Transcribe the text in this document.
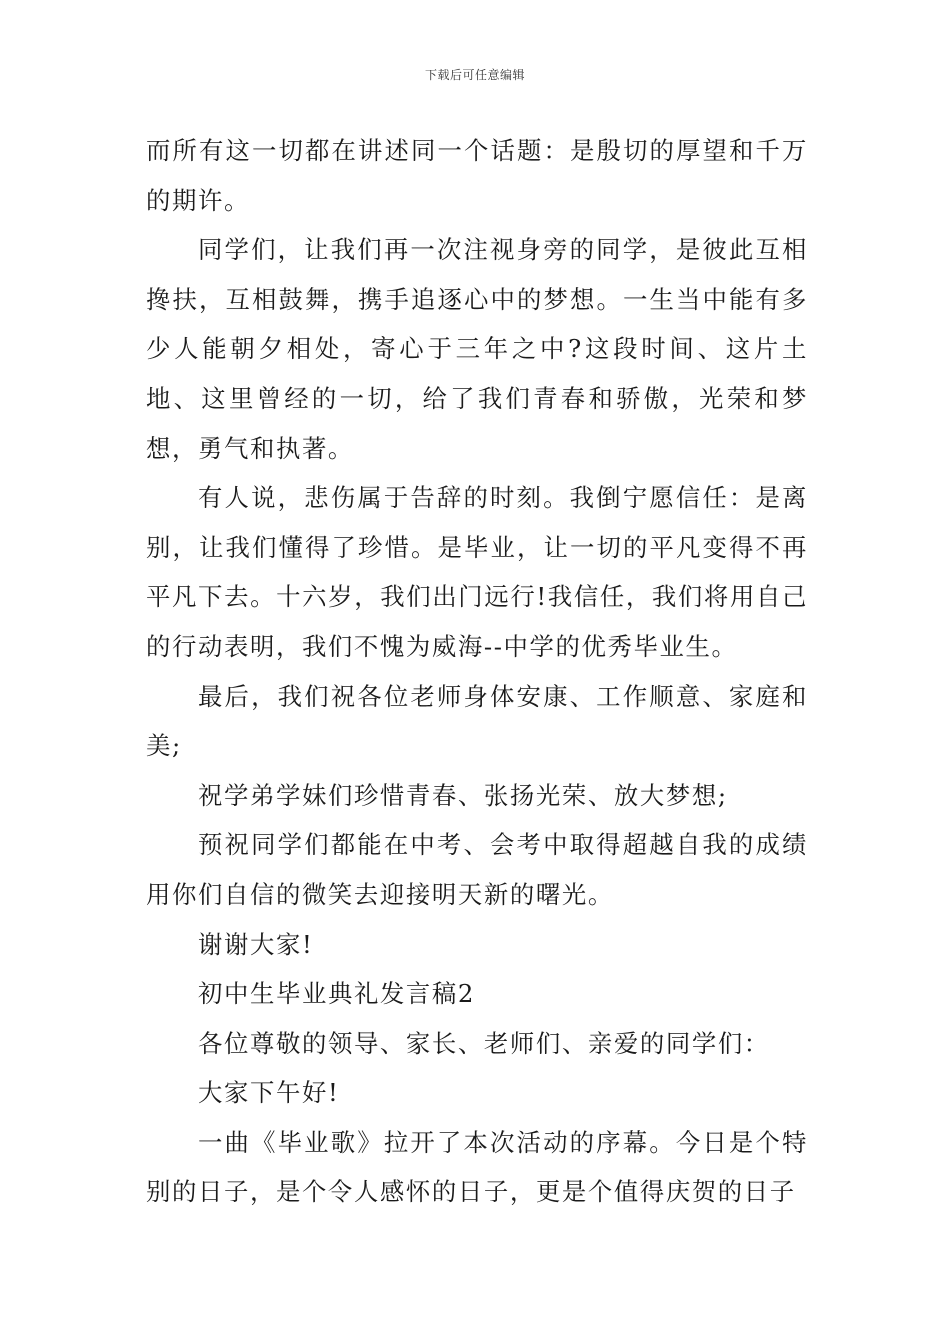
下载后可任意编辑

而所有这一切都在讲述同一个话题：是殷切的厚望和千万的期许。

同学们，让我们再一次注视身旁的同学，是彼此互相搀扶，互相鼓舞，携手追逐心中的梦想。一生当中能有多少人能朝夕相处，寄心于三年之中?这段时间、这片土地、这里曾经的一切，给了我们青春和骄傲，光荣和梦想，勇气和执著。

有人说，悲伤属于告辞的时刻。我倒宁愿信任：是离别，让我们懂得了珍惜。是毕业，让一切的平凡变得不再平凡下去。十六岁，我们出门远行!我信任，我们将用自己的行动表明，我们不愧为威海--中学的优秀毕业生。

最后，我们祝各位老师身体安康、工作顺意、家庭和美;

祝学弟学妹们珍惜青春、张扬光荣、放大梦想;

预祝同学们都能在中考、会考中取得超越自我的成绩用你们自信的微笑去迎接明天新的曙光。

谢谢大家!

初中生毕业典礼发言稿2

各位尊敬的领导、家长、老师们、亲爱的同学们：

大家下午好!

一曲《毕业歌》拉开了本次活动的序幕。今日是个特别的日子，是个令人感怀的日子，更是个值得庆贺的日子
